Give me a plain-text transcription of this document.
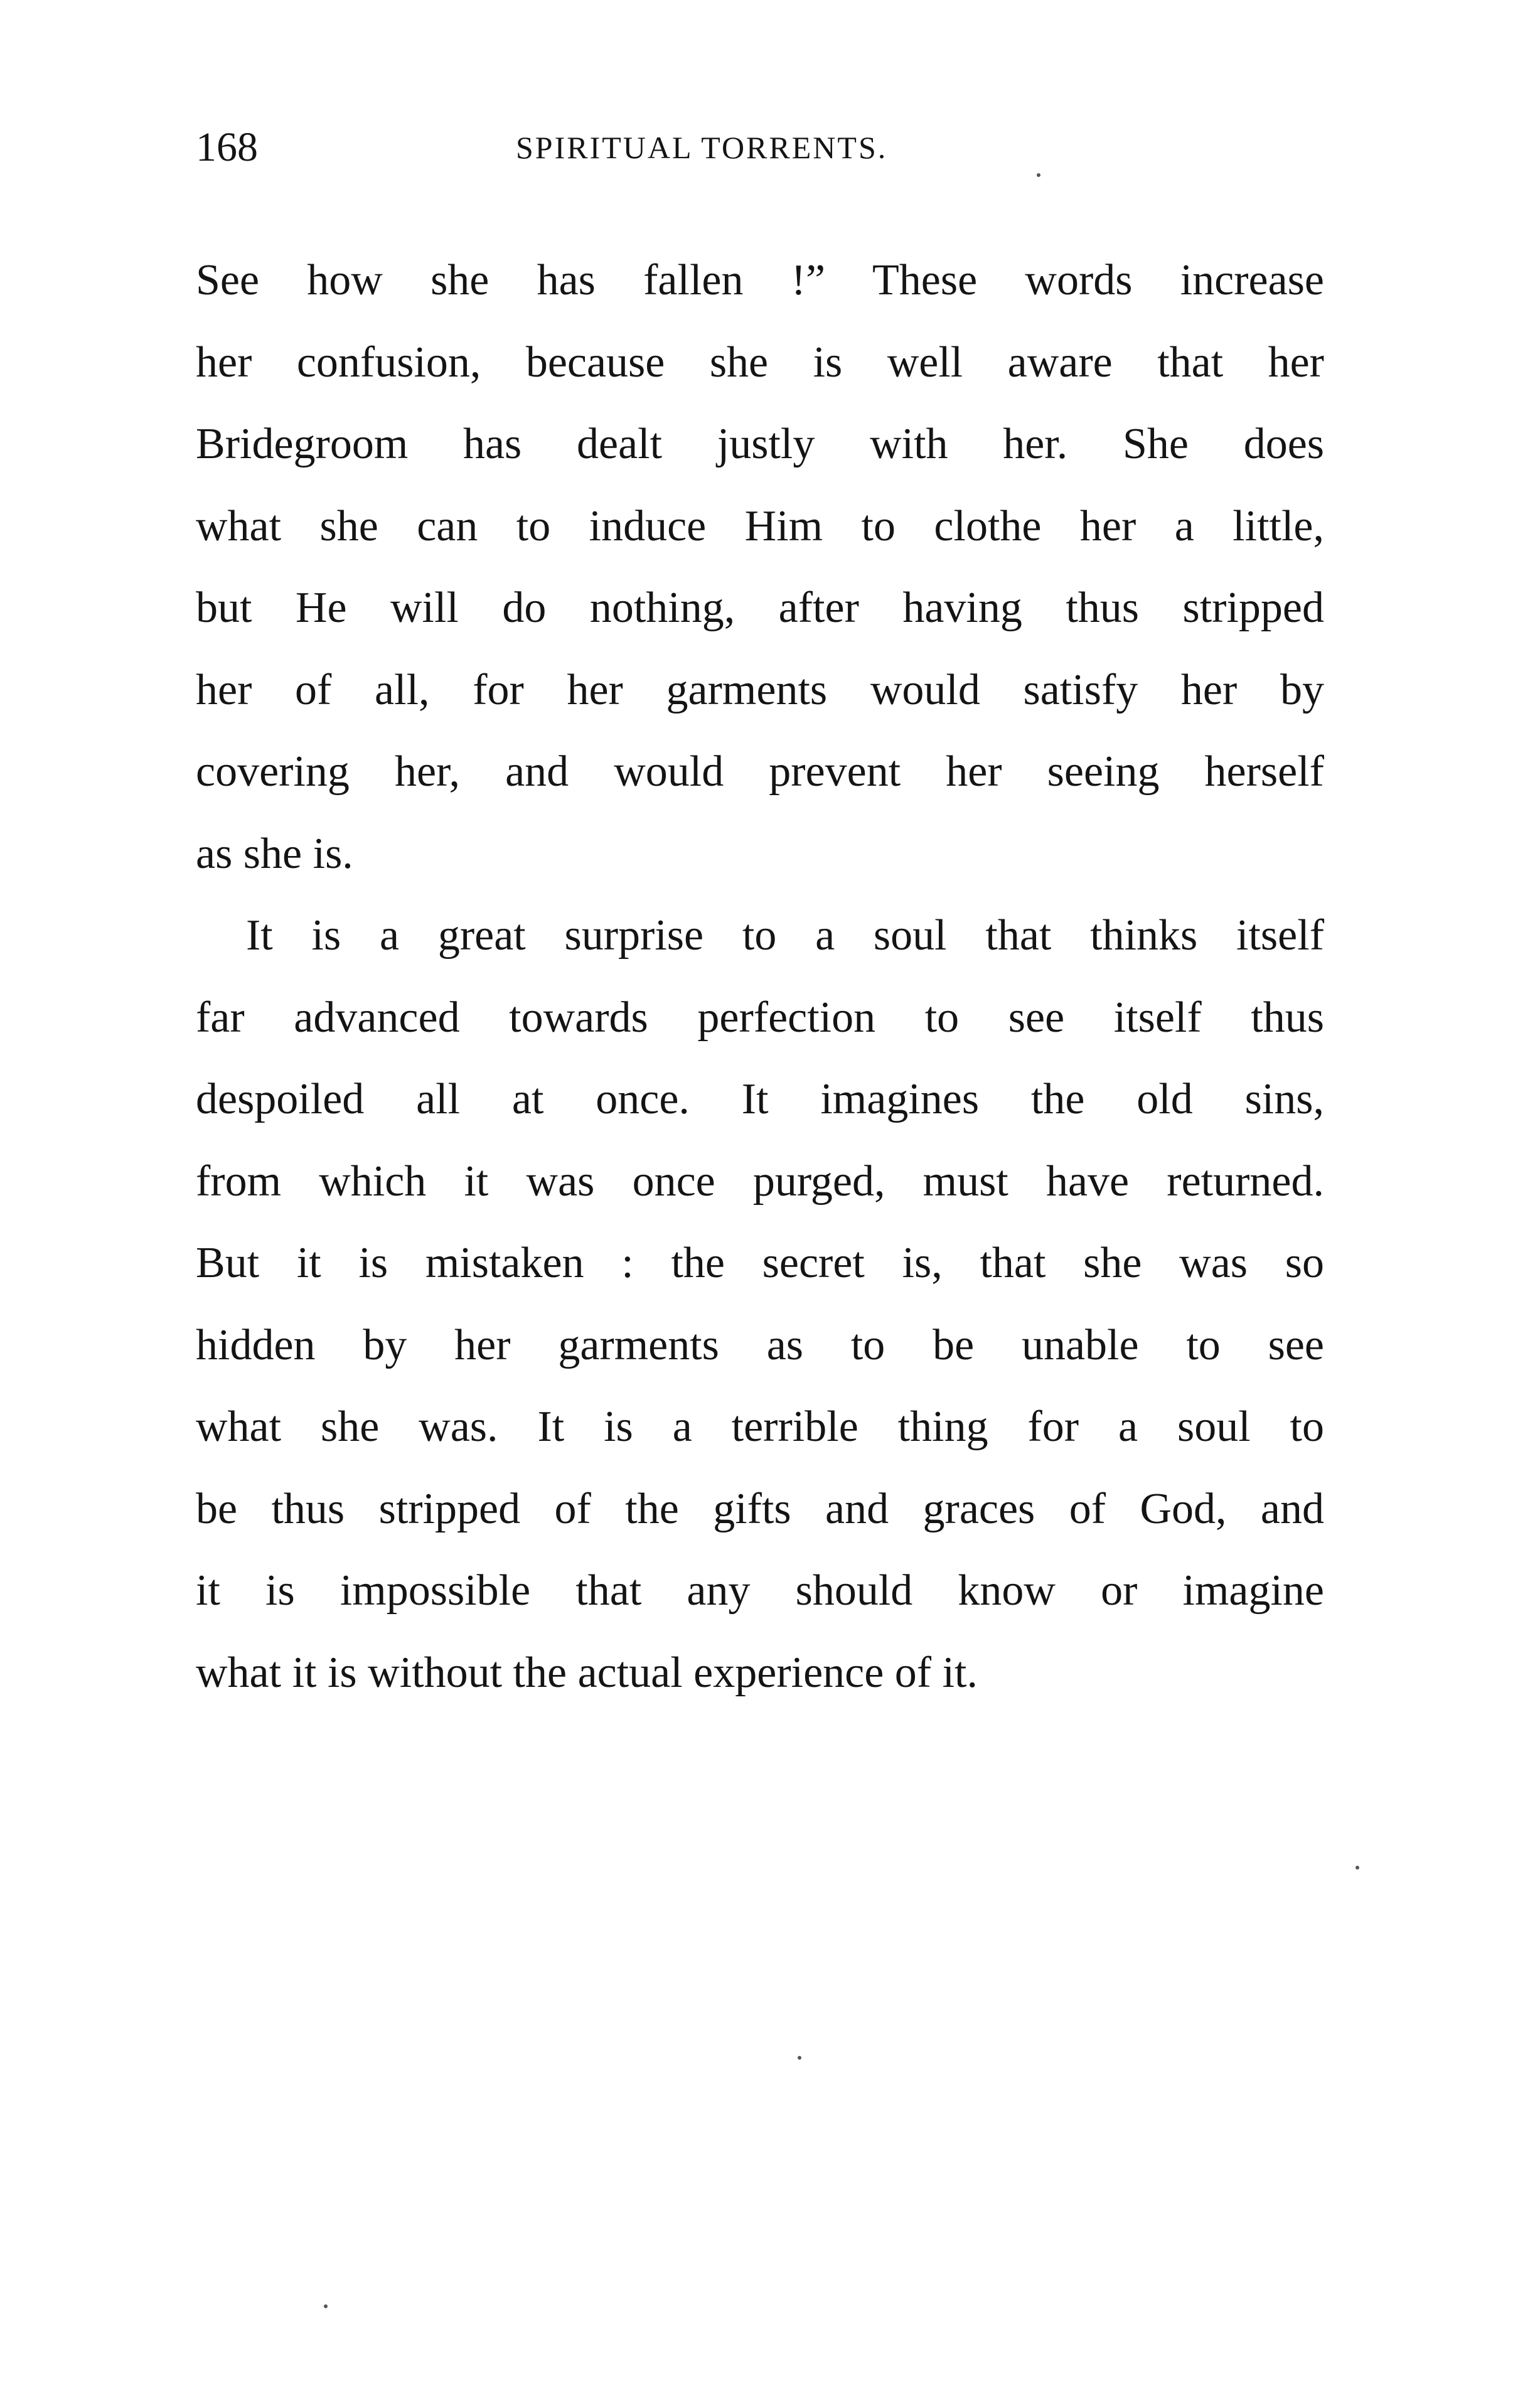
168	SPIRITUAL TORRENTS.
See how she has fallen !” These words increase
her confusion, because she is well aware that her
Bridegroom has dealt justly with her. She does
what she can to induce Him to clothe her a little,
but He will do nothing, after having thus stripped
her of all, for her garments would satisfy her by
covering her, and would prevent her seeing herself
as she is.
It is a great surprise to a soul that thinks itself
far advanced towards perfection to see itself thus
despoiled all at once. It imagines the old sins,
from which it was once purged, must have returned.
But it is mistaken : the secret is, that she was so
hidden by her garments as to be unable to see
what she was. It is a terrible thing for a soul to
be thus stripped of the gifts and graces of God, and
it is impossible that any should know or imagine
what it is without the actual experience of it.
